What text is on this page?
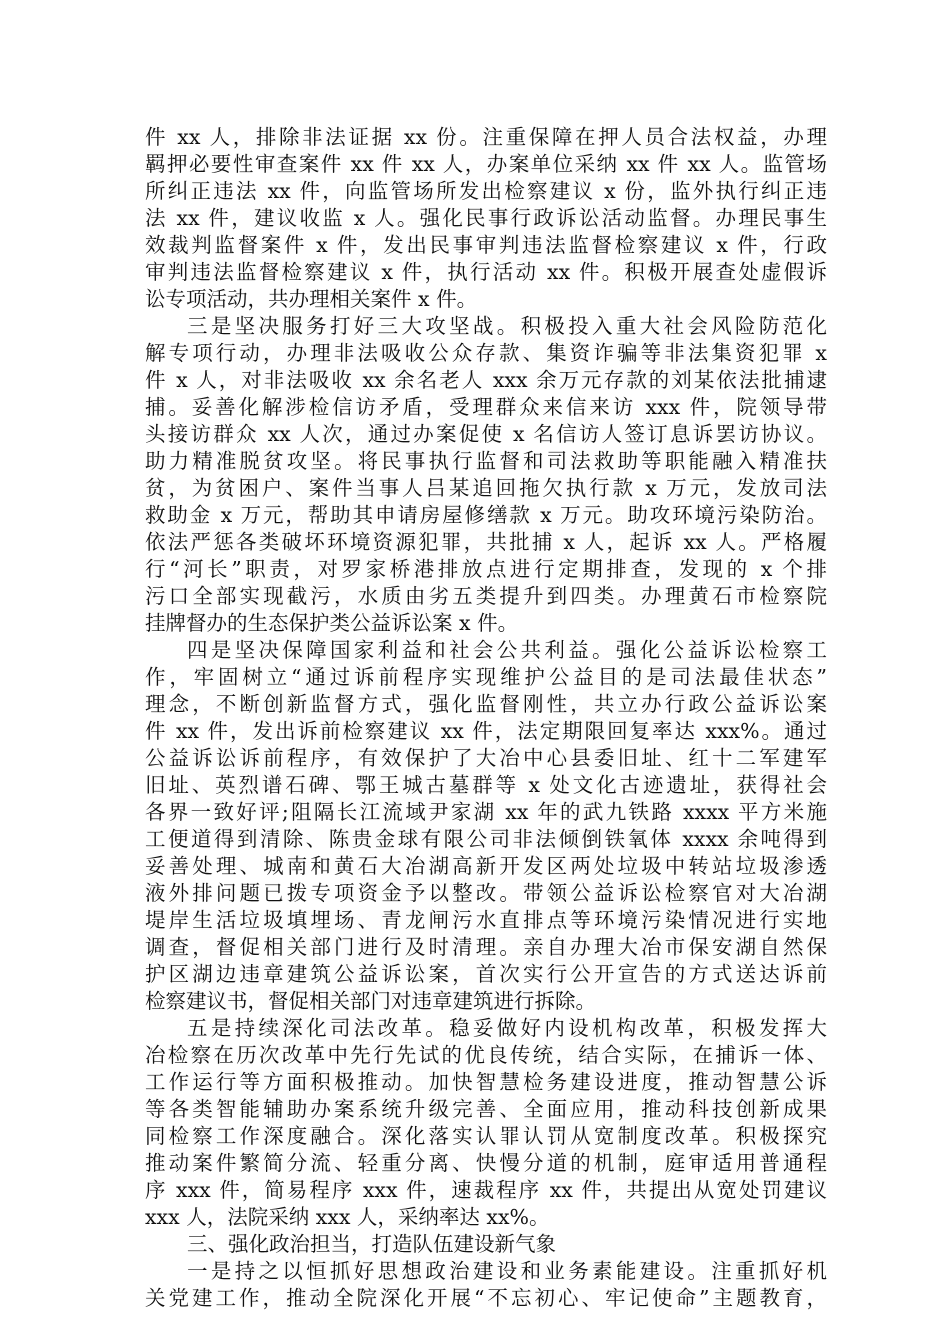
件 xx 人，排除非法证据 xx 份。注重保障在押人员合法权益，办理
羁押必要性审查案件 xx 件 xx 人，办案单位采纳 xx 件 xx 人。监管场
所纠正违法 xx 件，向监管场所发出检察建议 x 份，监外执行纠正违
法 xx 件，建议收监 x 人。强化民事行政诉讼活动监督。办理民事生
效裁判监督案件 x 件，发出民事审判违法监督检察建议 x 件，行政
审判违法监督检察建议 x 件，执行活动 xx 件。积极开展查处虚假诉
讼专项活动，共办理相关案件 x 件。
三是坚决服务打好三大攻坚战。积极投入重大社会风险防范化
解专项行动，办理非法吸收公众存款、集资诈骗等非法集资犯罪 x
件 x 人，对非法吸收 xx 余名老人 xxx 余万元存款的刘某依法批捕逮
捕。妥善化解涉检信访矛盾，受理群众来信来访 xxx 件，院领导带
头接访群众 xx 人次，通过办案促使 x 名信访人签订息诉罢访协议。
助力精准脱贫攻坚。将民事执行监督和司法救助等职能融入精准扶
贫，为贫困户、案件当事人吕某追回拖欠执行款 x 万元，发放司法
救助金 x 万元，帮助其申请房屋修缮款 x 万元。助攻环境污染防治。
依法严惩各类破坏环境资源犯罪，共批捕 x 人，起诉 xx 人。严格履
行“河长”职责，对罗家桥港排放点进行定期排查，发现的 x 个排
污口全部实现截污，水质由劣五类提升到四类。办理黄石市检察院
挂牌督办的生态保护类公益诉讼案 x 件。
四是坚决保障国家利益和社会公共利益。强化公益诉讼检察工
作，牢固树立“通过诉前程序实现维护公益目的是司法最佳状态”
理念，不断创新监督方式，强化监督刚性，共立办行政公益诉讼案
件 xx 件，发出诉前检察建议 xx 件，法定期限回复率达 xxx%。通过
公益诉讼诉前程序，有效保护了大冶中心县委旧址、红十二军建军
旧址、英烈谱石碑、鄂王城古墓群等 x 处文化古迹遗址，获得社会
各界一致好评;阻隔长江流域尹家湖 xx 年的武九铁路 xxxx 平方米施
工便道得到清除、陈贵金球有限公司非法倾倒铁氧体 xxxx 余吨得到
妥善处理、城南和黄石大冶湖高新开发区两处垃圾中转站垃圾渗透
液外排问题已拨专项资金予以整改。带领公益诉讼检察官对大冶湖
堤岸生活垃圾填埋场、青龙闸污水直排点等环境污染情况进行实地
调查，督促相关部门进行及时清理。亲自办理大冶市保安湖自然保
护区湖边违章建筑公益诉讼案，首次实行公开宣告的方式送达诉前
检察建议书，督促相关部门对违章建筑进行拆除。
五是持续深化司法改革。稳妥做好内设机构改革，积极发挥大
冶检察在历次改革中先行先试的优良传统，结合实际，在捕诉一体、
工作运行等方面积极推动。加快智慧检务建设进度，推动智慧公诉
等各类智能辅助办案系统升级完善、全面应用，推动科技创新成果
同检察工作深度融合。深化落实认罪认罚从宽制度改革。积极探究
推动案件繁简分流、轻重分离、快慢分道的机制，庭审适用普通程
序 xxx 件，简易程序 xxx 件，速裁程序 xx 件，共提出从宽处罚建议
xxx 人，法院采纳 xxx 人，采纳率达 xx%。
三、强化政治担当，打造队伍建设新气象
一是持之以恒抓好思想政治建设和业务素能建设。注重抓好机
关党建工作，推动全院深化开展“不忘初心、牢记使命”主题教育，
